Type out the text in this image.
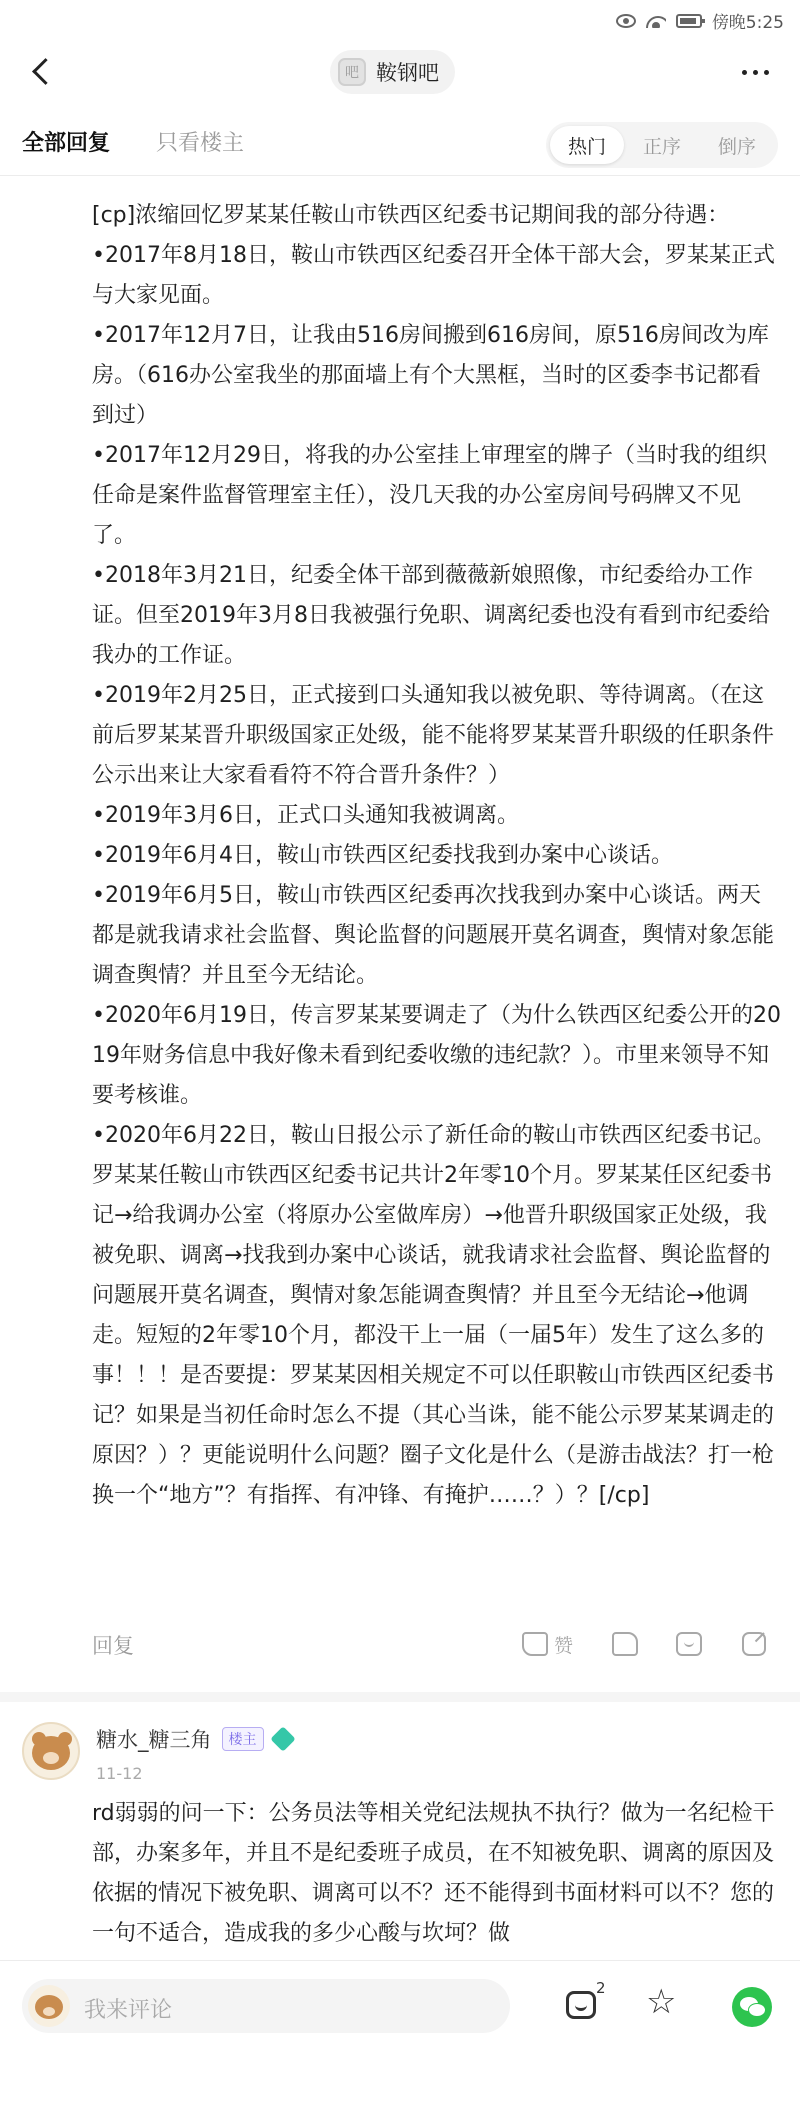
傍晚5:25
吧 鞍钢吧
全部回复 只看楼主	热门	正序	倒序

[cp]浓缩回忆罗某某任鞍山市铁西区纪委书记期间我的部分待遇：

•2017年8月18日，鞍山市铁西区纪委召开全体干部大会，罗某某正式与大家见面。

•2017年12月7日，让我由516房间搬到616房间，原516房间改为库房。（616办公室我坐的那面墙上有个大黑框，当时的区委李书记都看到过）

•2017年12月29日，将我的办公室挂上审理室的牌子（当时我的组织任命是案件监督管理室主任），没几天我的办公室房间号码牌又不见了。

•2018年3月21日，纪委全体干部到薇薇新娘照像，市纪委给办工作证。但至2019年3月8日我被强行免职、调离纪委也没有看到市纪委给我办的工作证。

•2019年2月25日，正式接到口头通知我以被免职、等待调离。（在这前后罗某某晋升职级国家正处级，能不能将罗某某晋升职级的任职条件公示出来让大家看看符不符合晋升条件？）

•2019年3月6日，正式口头通知我被调离。

•2019年6月4日，鞍山市铁西区纪委找我到办案中心谈话。

•2019年6月5日，鞍山市铁西区纪委再次找我到办案中心谈话。两天都是就我请求社会监督、舆论监督的问题展开莫名调查，舆情对象怎能调查舆情？并且至今无结论。

•2020年6月19日，传言罗某某要调走了（为什么铁西区纪委公开的2019年财务信息中我好像未看到纪委收缴的违纪款？）。市里来领导不知要考核谁。

•2020年6月22日，鞍山日报公示了新任命的鞍山市铁西区纪委书记。

罗某某任鞍山市铁西区纪委书记共计2年零10个月。罗某某任区纪委书记→给我调办公室（将原办公室做库房）→他晋升职级国家正处级，我被免职、调离→找我到办案中心谈话，就我请求社会监督、舆论监督的问题展开莫名调查，舆情对象怎能调查舆情？并且至今无结论→他调走。短短的2年零10个月，都没干上一届（一届5年）发生了这么多的事！！！是否要提：罗某某因相关规定不可以任职鞍山市铁西区纪委书记？如果是当初任命时怎么不提（其心当诛，能不能公示罗某某调走的原因？）？更能说明什么问题？圈子文化是什么（是游击战法？打一枪换一个“地方”？有指挥、有冲锋、有掩护……？）？[/cp]

回复	赞
糖水_糖三角	楼主
11-12
rd弱弱的问一下：公务员法等相关党纪法规执不执行？做为一名纪检干部，办案多年，并且不是纪委班子成员，在不知被免职、调离的原因及依据的情况下被免职、调离可以不？还不能得到书面材料可以不？您的一句不适合，造成我的多少心酸与坎坷？做
我来评论
2 ☆
